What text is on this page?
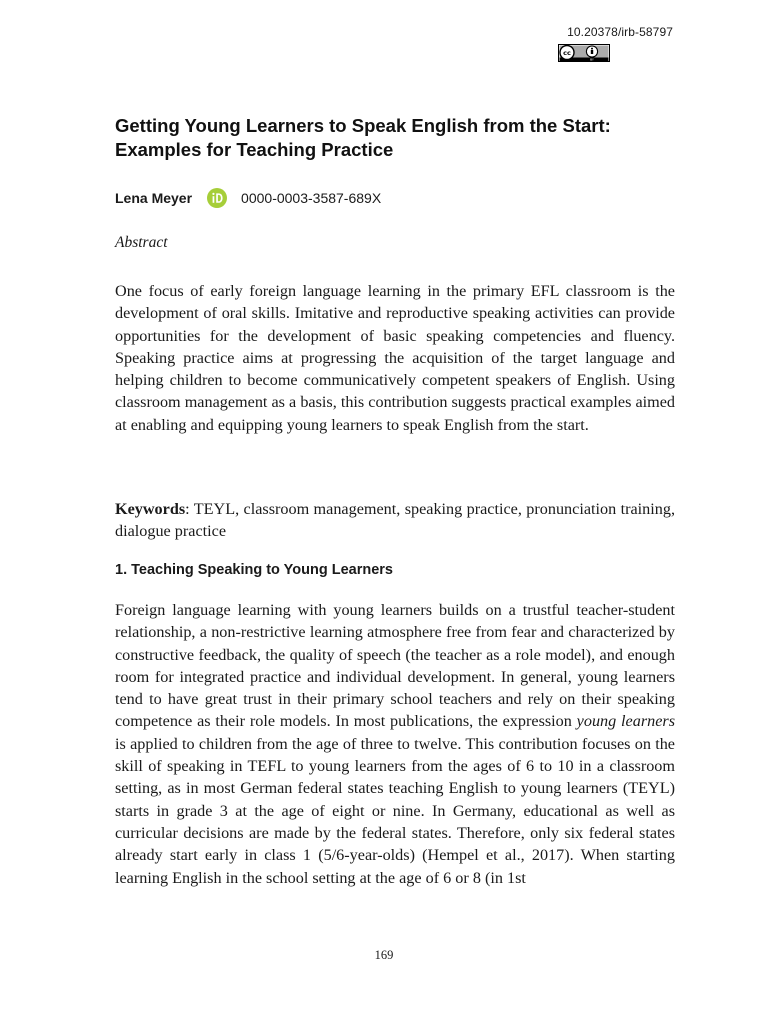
10.20378/irb-58797
cc
BY
Getting Young Learners to Speak English from the Start: Examples for Teaching Practice
Lena Meyer	0000-0003-3587-689X
Abstract

One focus of early foreign language learning in the primary EFL classroom is the development of oral skills. Imitative and reproductive speaking activities can provide opportunities for the development of basic speaking competencies and fluency. Speaking practice aims at progressing the acquisition of the target language and helping children to become communicatively competent speakers of English. Using classroom management as a basis, this contribution suggests practical examples aimed at enabling and equipping young learners to speak English from the start.

Keywords: TEYL, classroom management, speaking practice, pronunciation training, dialogue practice

1. Teaching Speaking to Young Learners

Foreign language learning with young learners builds on a trustful teacher-student relationship, a non-restrictive learning atmosphere free from fear and characterized by constructive feedback, the quality of speech (the teacher as a role model), and enough room for integrated practice and individual development. In general, young learners tend to have great trust in their primary school teachers and rely on their speaking competence as their role models. In most publications, the expression young learners is applied to children from the age of three to twelve. This contribution focuses on the skill of speaking in TEFL to young learners from the ages of 6 to 10 in a classroom setting, as in most German federal states teaching English to young learners (TEYL) starts in grade 3 at the age of eight or nine. In Germany, educational as well as curricular decisions are made by the federal states. Therefore, only six federal states already start early in class 1 (5/6-year-olds) (Hempel et al., 2017). When starting learning English in the school setting at the age of 6 or 8 (in 1st

169
